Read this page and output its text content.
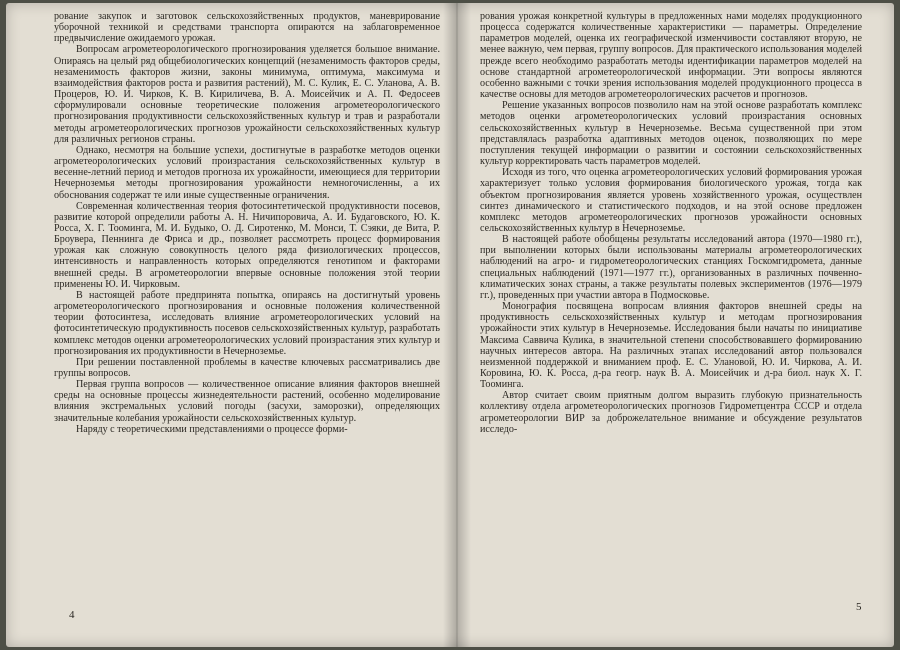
рование закупок и заготовок сельскохозяйственных продуктов, маневрирование уборочной техникой и средствами транспорта опираются на заблаговременное предвычисление ожидаемого урожая.

Вопросам агрометеорологического прогнозирования уделяется большое внимание. Опираясь на целый ряд общебиологических концепций (незаменимость факторов среды, незаменимость факторов жизни, законы минимума, оптимума, максимума и взаимодействия факторов роста и развития растений), М. С. Кулик, Е. С. Уланова, А. В. Процеров, Ю. И. Чирков, К. В. Кириличева, В. А. Моисейчик и А. П. Федосеев сформулировали основные теоретические положения агрометеорологического прогнозирования продуктивности сельскохозяйственных культур и трав и разработали методы агрометеорологических прогнозов урожайности сельскохозяйственных культур для различных регионов страны.

Однако, несмотря на большие успехи, достигнутые в разработке методов оценки агрометеорологических условий произрастания сельскохозяйственных культур в весенне-летний период и методов прогноза их урожайности, имеющиеся для территории Нечерноземья методы прогнозирования урожайности немногочисленны, а их обоснования содержат те или иные существенные ограничения.

Современная количественная теория фотосинтетической продуктивности посевов, развитие которой определили работы А. Н. Ничипоровича, А. И. Будаговского, Ю. К. Росса, Х. Г. Тооминга, М. И. Будыко, О. Д. Сиротенко, М. Монси, Т. Сэяки, де Вита, Р. Броувера, Пеннинга де Фриса и др., позволяет рассмотреть процесс формирования урожая как сложную совокупность целого ряда физиологических процессов, интенсивность и направленность которых определяются генотипом и факторами внешней среды. В агрометеорологии впервые основные положения этой теории применены Ю. И. Чирковым.

В настоящей работе предпринята попытка, опираясь на достигнутый уровень агрометеорологического прогнозирования и основные положения количественной теории фотосинтеза, исследовать влияние агрометеорологических условий на фотосинтетическую продуктивность посевов сельскохозяйственных культур, разработать комплекс методов оценки агрометеорологических условий произрастания этих культур и прогнозирования их продуктивности в Нечерноземье.

При решении поставленной проблемы в качестве ключевых рассматривались две группы вопросов.

Первая группа вопросов — количественное описание влияния факторов внешней среды на основные процессы жизнедеятельности растений, особенно моделирование влияния экстремальных условий погоды (засухи, заморозки), определяющих значительные колебания урожайности сельскохозяйственных культур.

Наряду с теоретическими представлениями о процессе форми-

рования урожая конкретной культуры в предложенных нами моделях продукционного процесса содержатся количественные характеристики — параметры. Определение параметров моделей, оценка их географической изменчивости составляют вторую, не менее важную, чем первая, группу вопросов. Для практического использования моделей прежде всего необходимо разработать методы идентификации параметров моделей на основе стандартной агрометеорологической информации. Эти вопросы являются особенно важными с точки зрения использования моделей продукционного процесса в качестве основы для методов агрометеорологических расчетов и прогнозов.

Решение указанных вопросов позволило нам на этой основе разработать комплекс методов оценки агрометеорологических условий произрастания основных сельскохозяйственных культур в Нечерноземье. Весьма существенной при этом представлялась разработка адаптивных методов оценок, позволяющих по мере поступления текущей информации о развитии и состоянии сельскохозяйственных культур корректировать часть параметров моделей.

Исходя из того, что оценка агрометеорологических условий формирования урожая характеризует только условия формирования биологического урожая, тогда как объектом прогнозирования является уровень хозяйственного урожая, осуществлен синтез динамического и статистического подходов, и на этой основе предложен комплекс методов агрометеорологических прогнозов урожайности основных сельскохозяйственных культур в Нечерноземье.

В настоящей работе обобщены результаты исследований автора (1970—1980 гг.), при выполнении которых были использованы материалы агрометеорологических наблюдений на агро- и гидрометеорологических станциях Госкомгидромета, данные специальных наблюдений (1971—1977 гг.), организованных в различных почвенно-климатических зонах страны, а также результаты полевых экспериментов (1976—1979 гг.), проведенных при участии автора в Подмосковье.

Монография посвящена вопросам влияния факторов внешней среды на продуктивность сельскохозяйственных культур и методам прогнозирования урожайности этих культур в Нечерноземье. Исследования были начаты по инициативе Максима Саввича Кулика, в значительной степени способствовавшего формированию научных интересов автора. На различных этапах исследований автор пользовался неизменной поддержкой и вниманием проф. Е. С. Улановой, Ю. И. Чиркова, А. И. Коровина, Ю. К. Росса, д-ра геогр. наук В. А. Моисейчик и д-ра биол. наук Х. Г. Тооминга.

Автор считает своим приятным долгом выразить глубокую признательность коллективу отдела агрометеорологических прогнозов Гидрометцентра СССР и отдела агрометеорологии ВИР за доброжелательное внимание и обсуждение результатов исследо-

4
5
